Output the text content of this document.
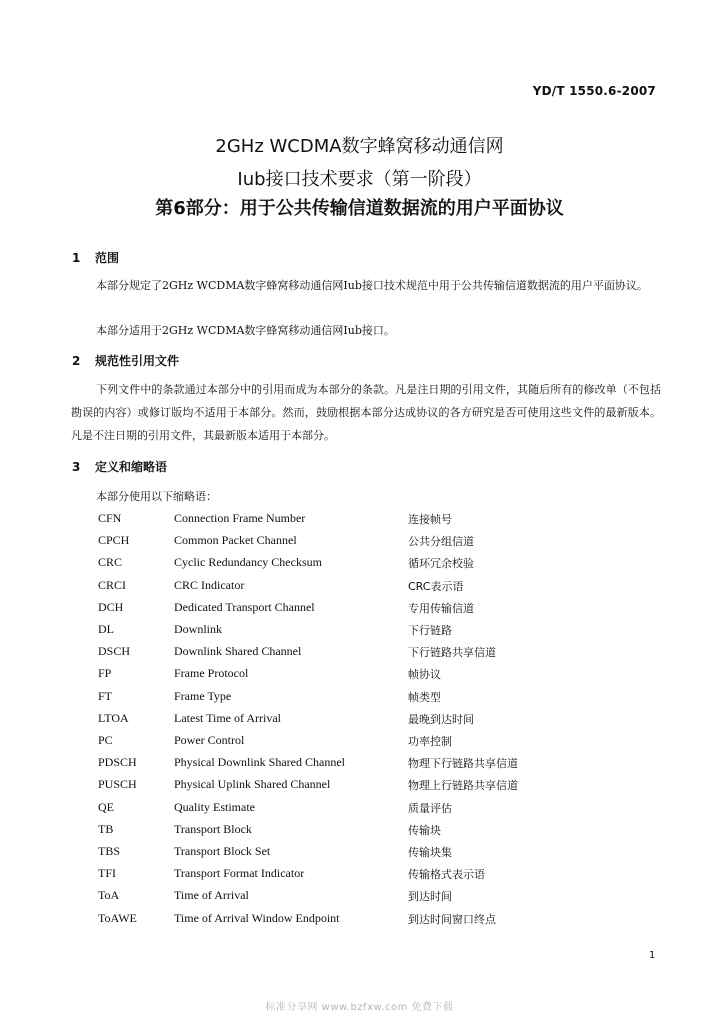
YD/T 1550.6-2007
2GHz WCDMA数字蜂窝移动通信网
Iub接口技术要求（第一阶段）
第6部分：用于公共传输信道数据流的用户平面协议
1 范围

本部分规定了2GHz WCDMA数字蜂窝移动通信网Iub接口技术规范中用于公共传输信道数据流的用户平面协议。

本部分适用于2GHz WCDMA数字蜂窝移动通信网Iub接口。

2 规范性引用文件

下列文件中的条款通过本部分中的引用而成为本部分的条款。凡是注日期的引用文件，其随后所有的修改单（不包括勘误的内容）或修订版均不适用于本部分。然而，鼓励根据本部分达成协议的各方研究是否可使用这些文件的最新版本。凡是不注日期的引用文件，其最新版本适用于本部分。

3 定义和缩略语
本部分使用以下缩略语：
CFN	Connection Frame Number	连接帧号
CPCH	Common Packet Channel	公共分组信道
CRC	Cyclic Redundancy Checksum	循环冗余校验
CRCI	CRC Indicator	CRC表示语
DCH	Dedicated Transport Channel	专用传输信道
DL	Downlink	下行链路
DSCH	Downlink Shared Channel	下行链路共享信道
FP	Frame Protocol	帧协议
FT	Frame Type	帧类型
LTOA	Latest Time of Arrival	最晚到达时间
PC	Power Control	功率控制
PDSCH	Physical Downlink Shared Channel	物理下行链路共享信道
PUSCH	Physical Uplink Shared Channel	物理上行链路共享信道
QE	Quality Estimate	质量评估
TB	Transport Block	传输块
TBS	Transport Block Set	传输块集
TFI	Transport Format Indicator	传输格式表示语
ToA	Time of Arrival	到达时间
ToAWE	Time of Arrival Window Endpoint	到达时间窗口终点
1
标准分享网 www.bzfxw.com 免费下载
